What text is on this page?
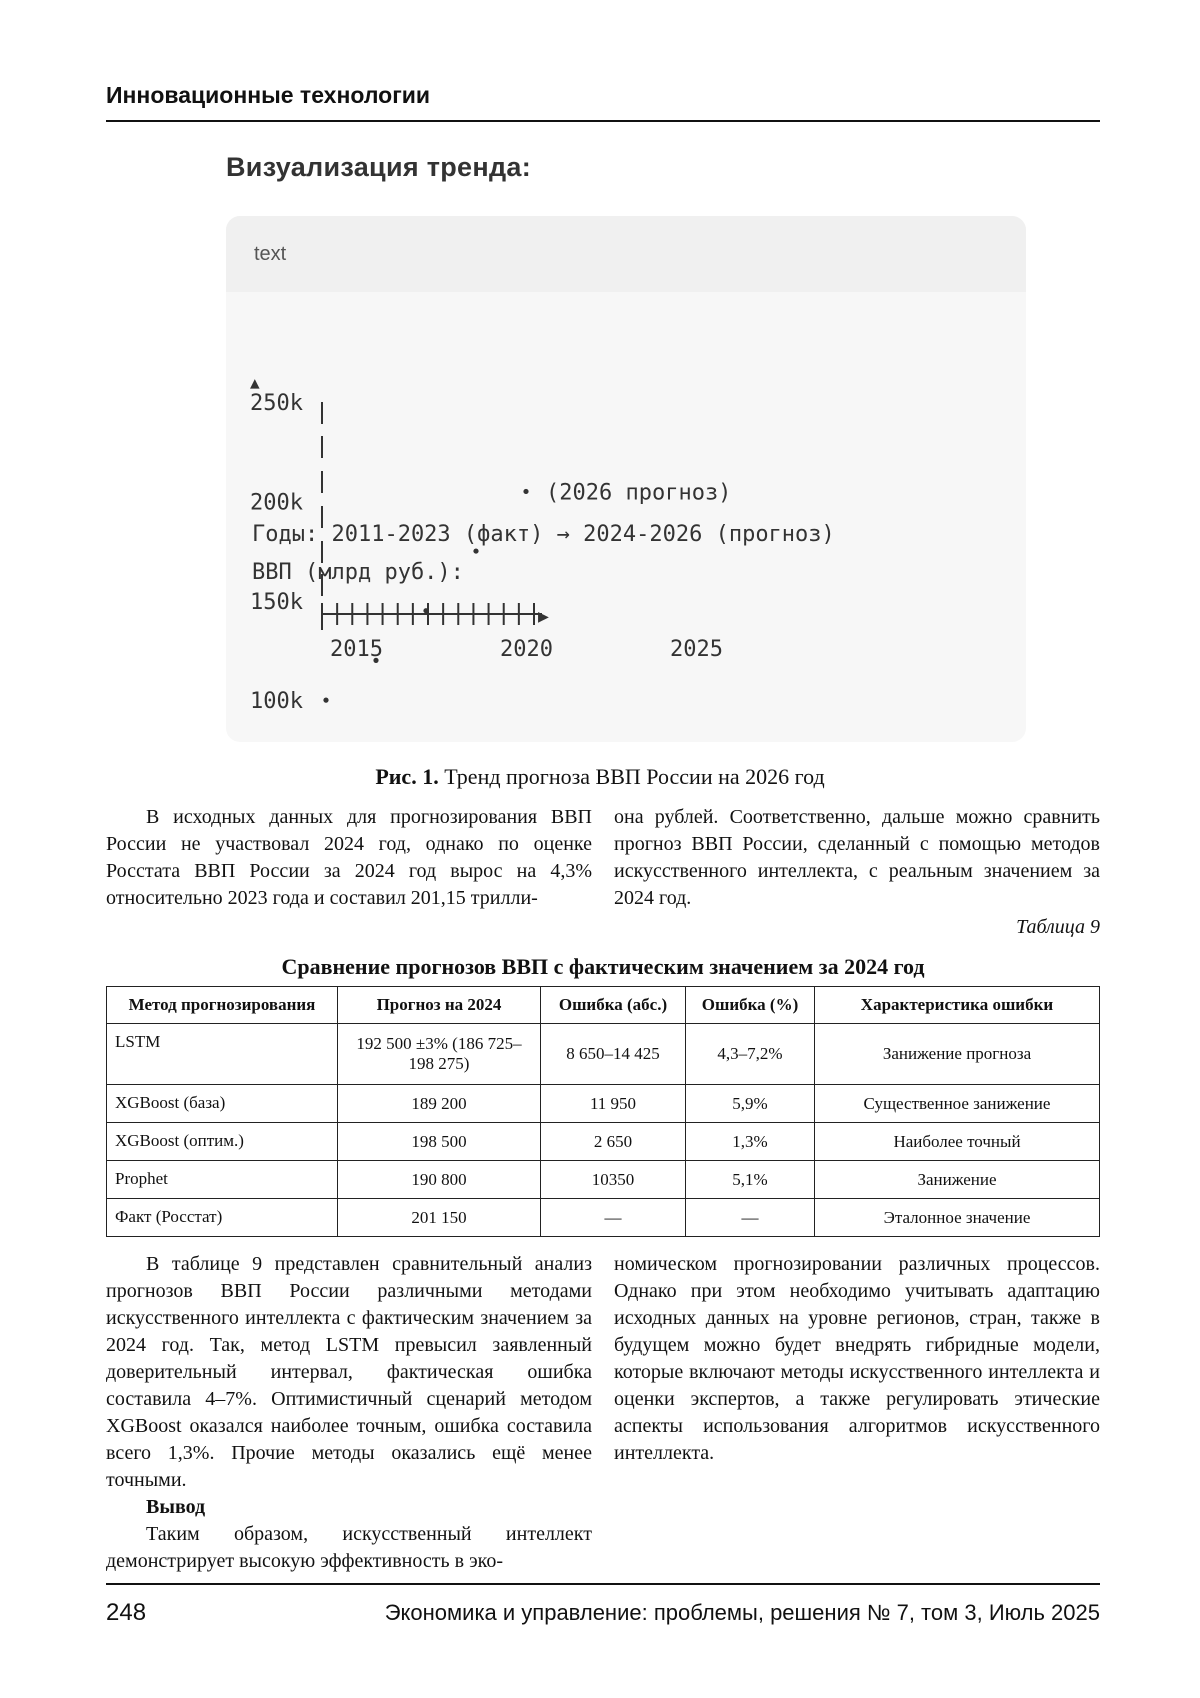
Инновационные технологии
Визуализация тренда:
text
Годы: 2011-2023 (факт) → 2024-2026 (прогноз)
ВВП (млрд руб.):
▲
250k
200k
150k
100k
(2026 прогноз)
▶
2015	2020	2025
Рис. 1. Тренд прогноза ВВП России на 2026 год

В исходных данных для прогнозирования ВВП России не участвовал 2024 год, однако по оценке Росстата ВВП России за 2024 год вырос на 4,3% относительно 2023 года и составил 201,15 трилли-

она рублей. Соответственно, дальше можно сравнить прогноз ВВП России, сделанный с помощью методов искусственного интеллекта, с реальным значением за 2024 год.

Таблица 9
Сравнение прогнозов ВВП с фактическим значением за 2024 год
Метод прогнозирования	Прогноз на 2024	Ошибка (абс.)	Ошибка (%)	Характеристика ошибки
LSTM	192 500 ±3% (186 725–198 275)	8 650–14 425	4,3–7,2%	Занижение прогноза
XGBoost (база)	189 200	11 950	5,9%	Существенное занижение
XGBoost (оптим.)	198 500	2 650	1,3%	Наиболее точный
Prophet	190 800	10350	5,1%	Занижение
Факт (Росстат)	201 150	—	—	Эталонное значение

В таблице 9 представлен сравнительный анализ прогнозов ВВП России различными методами искусственного интеллекта с фактическим значением за 2024 год. Так, метод LSTM превысил заявленный доверительный интервал, фактическая ошибка составила 4–7%. Оптимистичный сценарий методом XGBoost оказался наиболее точным, ошибка составила всего 1,3%. Прочие методы оказались ещё менее точными.

Вывод

Таким образом, искусственный интеллект демонстрирует высокую эффективность в эко-

номическом прогнозировании различных процессов. Однако при этом необходимо учитывать адаптацию исходных данных на уровне регионов, стран, также в будущем можно будет внедрять гибридные модели, которые включают методы искусственного интеллекта и оценки экспертов, а также регулировать этические аспекты использования алгоритмов искусственного интеллекта.

248	Экономика и управление: проблемы, решения № 7, том 3, Июль 2025
